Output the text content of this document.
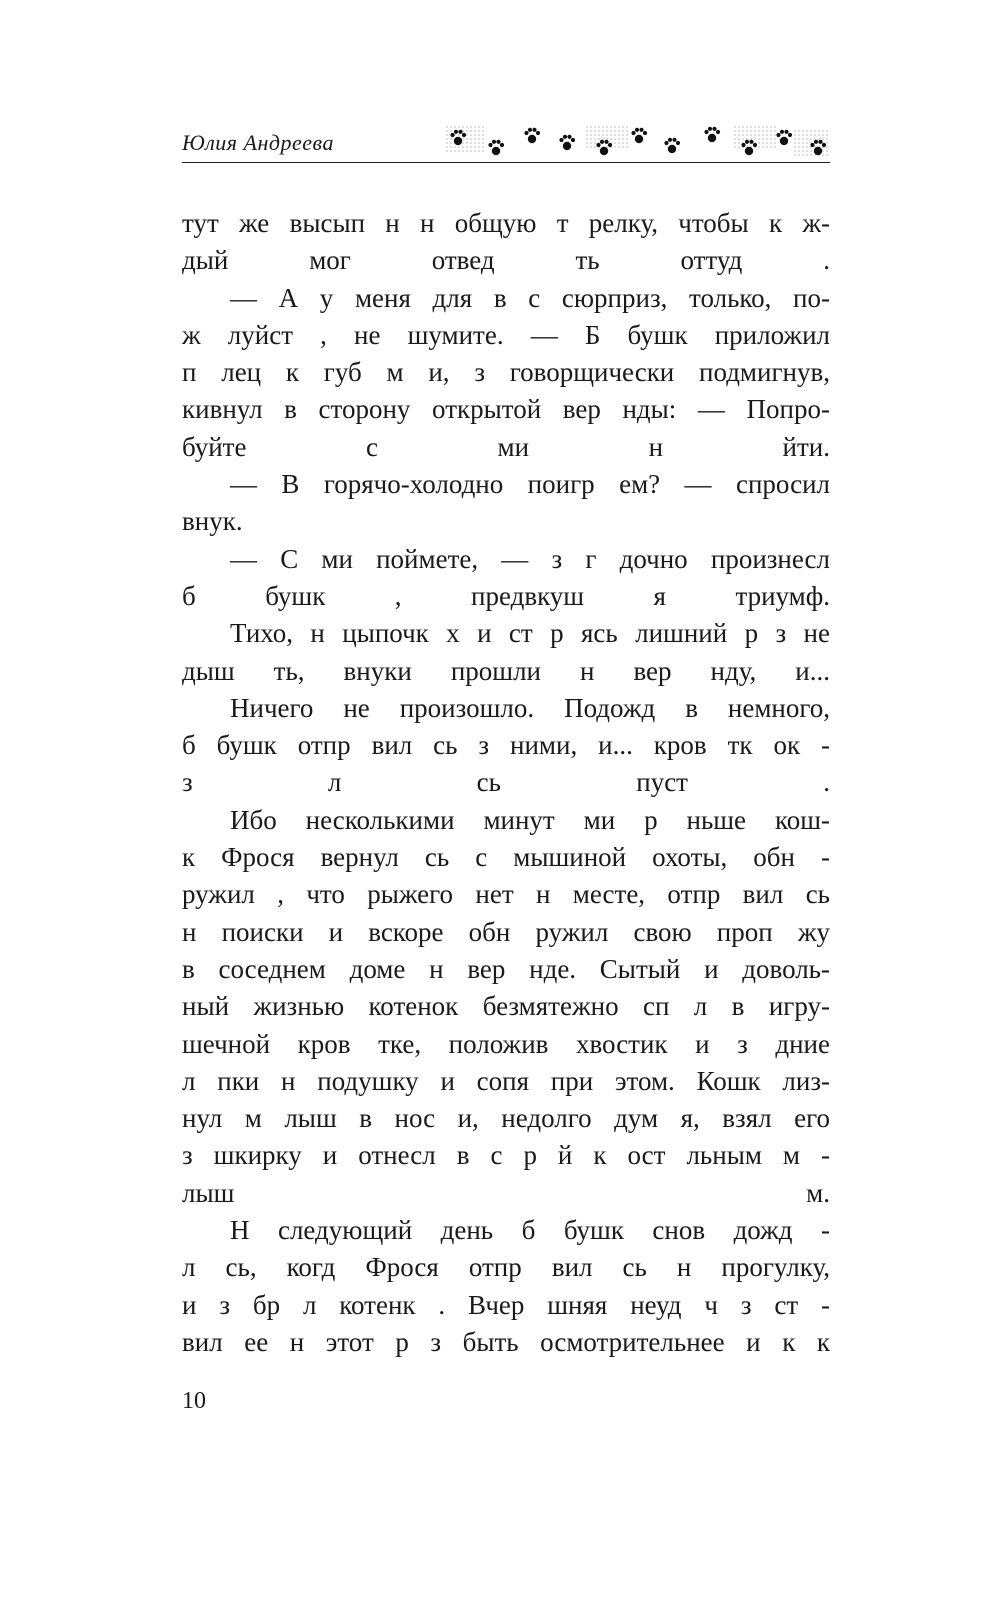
Юлия Андреева

тут же высып н н общую т релку, чтобы к ж-
дый мог отвед ть оттуд .

— А у меня для в с сюрприз, только, по-
ж луйст , не шумите. — Б бушк приложил
п лец к губ м и, з говорщически подмигнув,
кивнул в сторону открытой вер нды: — Попро-
буйте с ми н йти.

— В горячо-холодно поигр ем? — спросил
внук.

— С ми поймете, — з г дочно произнесл
б бушк , предвкуш я триумф.

Тихо, н цыпочк х и ст р ясь лишний р з не
дыш ть, внуки прошли н вер нду, и...

Ничего не произошло. Подожд в немного,
б бушк отпр вил сь з ними, и... кров тк ок -
з л сь пуст .

Ибо несколькими минут ми р ньше кош-
к Фрося вернул сь с мышиной охоты, обн -
ружил , что рыжего нет н месте, отпр вил сь
н поиски и вскоре обн ружил свою проп жу
в соседнем доме н вер нде. Сытый и доволь-
ный жизнью котенок безмятежно сп л в игру-
шечной кров тке, положив хвостик и з дние
л пки н подушку и сопя при этом. Кошк лиз-
нул м лыш в нос и, недолго дум я, взял его
з шкирку и отнесл в с р й к ост льным м -
лыш м.

Н следующий день б бушк снов дожд -
л сь, когд Фрося отпр вил сь н прогулку,
и з бр л котенк . Вчер шняя неуд ч з ст -
вил ее н этот р з быть осмотрительнее и к к

10
